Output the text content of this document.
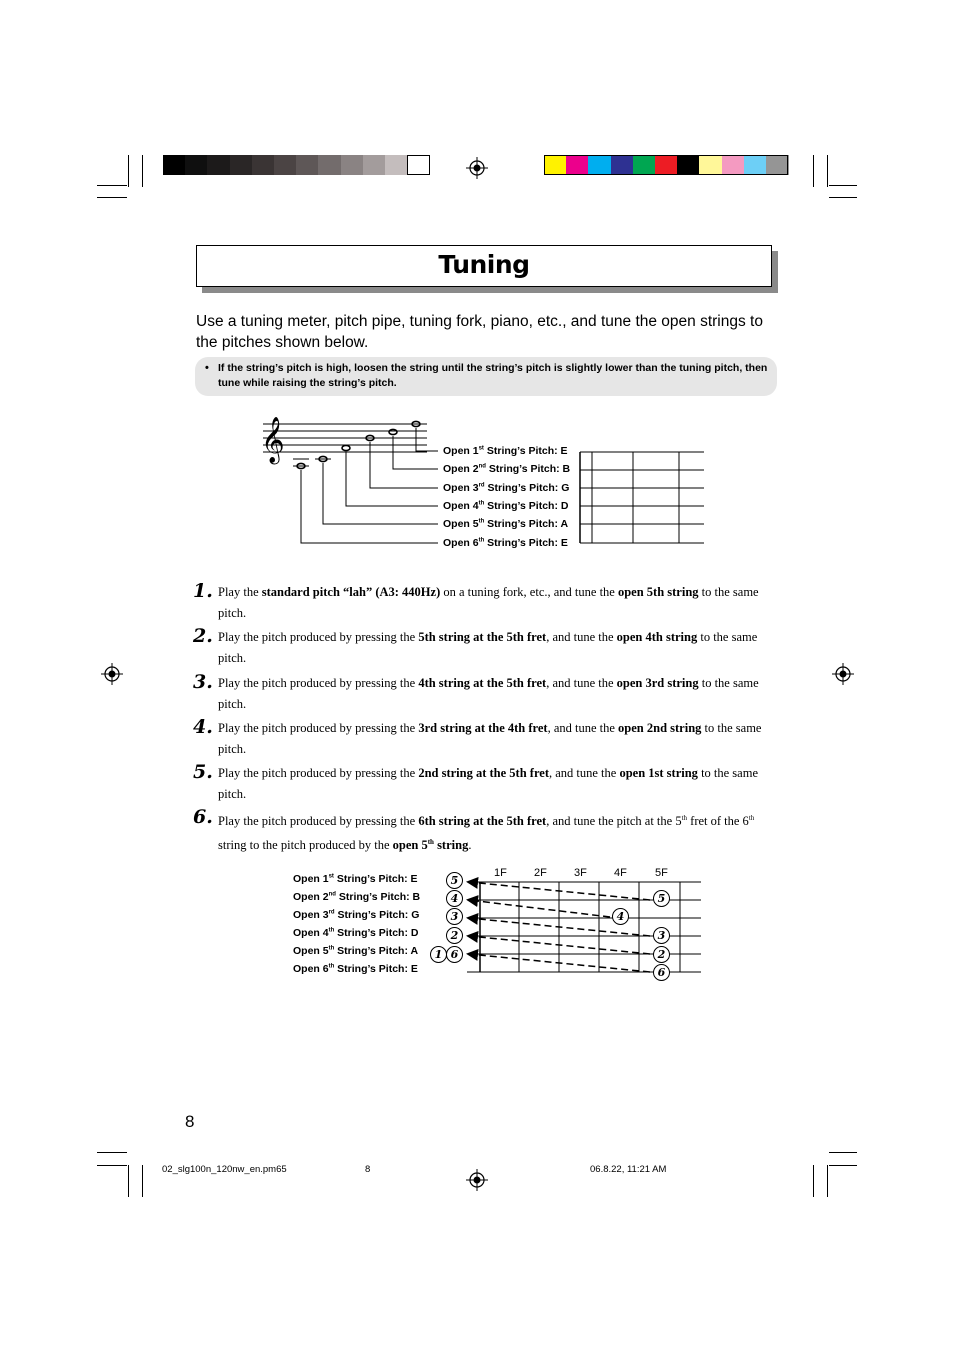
Tuning
Use a tuning meter, pitch pipe, tuning fork, piano, etc., and tune the open strings to the pitches shown below.
• If the string’s pitch is high, loosen the string until the string’s pitch is slightly lower than the tuning pitch, then tune while raising the string’s pitch.
𝄞	Open 1st String’s Pitch: E
Open 2nd String’s Pitch: B
Open 3rd String’s Pitch: G
Open 4th String’s Pitch: D
Open 5th String’s Pitch: A
Open 6th String’s Pitch: E
1. Play the standard pitch “lah” (A3: 440Hz) on a tuning fork, etc., and tune the open 5th string to the same pitch.
2. Play the pitch produced by pressing the 5th string at the 5th fret, and tune the open 4th string to the same pitch.
3. Play the pitch produced by pressing the 4th string at the 5th fret, and tune the open 3rd string to the same pitch.
4. Play the pitch produced by pressing the 3rd string at the 4th fret, and tune the open 2nd string to the same pitch.
5. Play the pitch produced by pressing the 2nd string at the 5th fret, and tune the open 1st string to the same pitch.
6. Play the pitch produced by pressing the 6th string at the 5th fret, and tune the pitch at the 5th fret of the 6th string to the pitch produced by the open 5th string.
Open 1st String’s Pitch: E
Open 2nd String’s Pitch: B
Open 3rd String’s Pitch: G
Open 4th String’s Pitch: D
Open 5th String’s Pitch: A
Open 6th String’s Pitch: E
1F 2F 3F 4F	5F
5
4
3
2
1 6
5
4
3
2
6
8
02_slg100n_120nw_en.pm65	8	06.8.22, 11:21 AM
